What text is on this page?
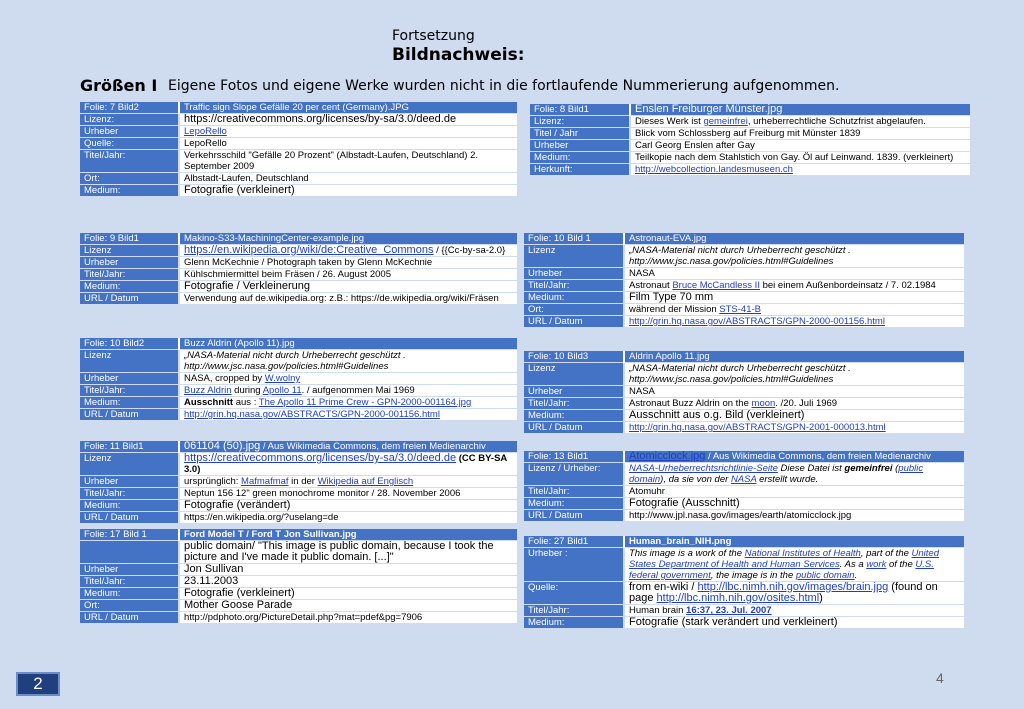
Fortsetzung
Bildnachweis:
Größen I Eigene Fotos und eigene Werke wurden nicht in die fortlaufende Nummerierung aufgenommen.
Folie: 7 Bild2	Traffic sign Slope Gefälle 20 per cent (Germany).JPG
Lizenz:	https://creativecommons.org/licenses/by-sa/3.0/deed.de
Urheber	LepoRello
Quelle:	LepoRello
Titel/Jahr:	Verkehrsschild "Gefälle 20 Prozent" (Albstadt-Laufen, Deutschland) 2. September 2009
Ort:	Albstadt-Laufen, Deutschland
Medium:	Fotografie (verkleinert)
Folie: 8 Bild1	Enslen Freiburger Münster.jpg
Lizenz:	Dieses Werk ist gemeinfrei, urheberrechtliche Schutzfrist abgelaufen.
Titel / Jahr	Blick vom Schlossberg auf Freiburg mit Münster 1839
Urheber	Carl Georg Enslen after Gay
Medium:	Teilkopie nach dem Stahlstich von Gay. Öl auf Leinwand. 1839. (verkleinert)
Herkunft:	http://webcollection.landesmuseen.ch
Folie: 9 Bild1	Makino-S33-MachiningCenter-example.jpg
Lizenz	https://en.wikipedia.org/wiki/de:Creative_Commons / {{Cc-by-sa-2.0}
Urheber	Glenn McKechnie / Photograph taken by Glenn McKechnie
Titel/Jahr:	Kühlschmiermittel beim Fräsen / 26. August 2005
Medium:	Fotografie / Verkleinerung
URL / Datum	Verwendung auf de.wikipedia.org: z.B.: https://de.wikipedia.org/wiki/Fräsen
Folie: 10 Bild 1	Astronaut-EVA.jpg
Lizenz	„NASA-Material nicht durch Urheberrecht geschützt . http://www.jsc.nasa.gov/policies.html#Guidelines
Urheber	NASA
Titel/Jahr:	Astronaut Bruce McCandless II bei einem Außenbordeinsatz / 7. 02.1984
Medium:	Film Type 70 mm
Ort:	während der Mission STS-41-B
URL / Datum	http://grin.hq.nasa.gov/ABSTRACTS/GPN-2000-001156.html
Folie: 10 Bild2	Buzz Aldrin (Apollo 11).jpg
Lizenz	„NASA-Material nicht durch Urheberrecht geschützt . http://www.jsc.nasa.gov/policies.html#Guidelines
Urheber	NASA, cropped by W.wolny
Titel/Jahr:	Buzz Aldrin during Apollo 11. / aufgenommen Mai 1969
Medium:	Ausschnitt aus : The Apollo 11 Prime Crew - GPN-2000-001164.jpg
URL / Datum	http://grin.hq.nasa.gov/ABSTRACTS/GPN-2000-001156.html
Folie: 10 Bild3	Aldrin Apollo 11.jpg
Lizenz	„NASA-Material nicht durch Urheberrecht geschützt . http://www.jsc.nasa.gov/policies.html#Guidelines
Urheber	NASA
Titel/Jahr:	Astronaut Buzz Aldrin on the moon. /20. Juli 1969
Medium:	Ausschnitt aus o.g. Bild (verkleinert)
URL / Datum	http://grin.hq.nasa.gov/ABSTRACTS/GPN-2001-000013.html
Folie: 11 Bild1	061104 (50).jpg / Aus Wikimedia Commons, dem freien Medienarchiv
Lizenz	https://creativecommons.org/licenses/by-sa/3.0/deed.de (CC BY-SA 3.0)
Urheber	ursprünglich: Mafmafmaf in der Wikipedia auf Englisch
Titel/Jahr:	Neptun 156 12" green monochrome monitor / 28. November 2006
Medium:	Fotografie (verändert)
URL / Datum	https://en.wikipedia.org/?uselang=de
Folie: 13 Bild1	Atomicclock.jpg / Aus Wikimedia Commons, dem freien Medienarchiv
Lizenz / Urheber:	NASA-Urheberrechtsrichtlinie-Seite Diese Datei ist gemeinfrei (public domain), da sie von der NASA erstellt wurde.
Titel/Jahr:	Atomuhr
Medium:	Fotografie (Ausschnitt)
URL / Datum	http://www.jpl.nasa.gov/images/earth/atomicclock.jpg
Folie: 17 Bild 1	Ford Model T / Ford T Jon Sullivan.jpg
	public domain/ "This image is public domain, because I took the picture and I've made it public domain. [...]"
Urheber	Jon Sullivan
Titel/Jahr:	23.11.2003
Medium:	Fotografie (verkleinert)
Ort:	Mother Goose Parade
URL / Datum	http://pdphoto.org/PictureDetail.php?mat=pdef&pg=7906
Folie: 27 Bild1	Human_brain_NIH.png
Urheber :	This image is a work of the National Institutes of Health, part of the United States Department of Health and Human Services. As a work of the U.S. federal government, the image is in the public domain.
Quelle:	from en-wiki / http://lbc.nimh.nih.gov/images/brain.jpg (found on page http://lbc.nimh.nih.gov/osites.html)
Titel/Jahr:	Human brain 16:37, 23. Jul. 2007
Medium:	Fotografie (stark verändert und verkleinert)
2	4
